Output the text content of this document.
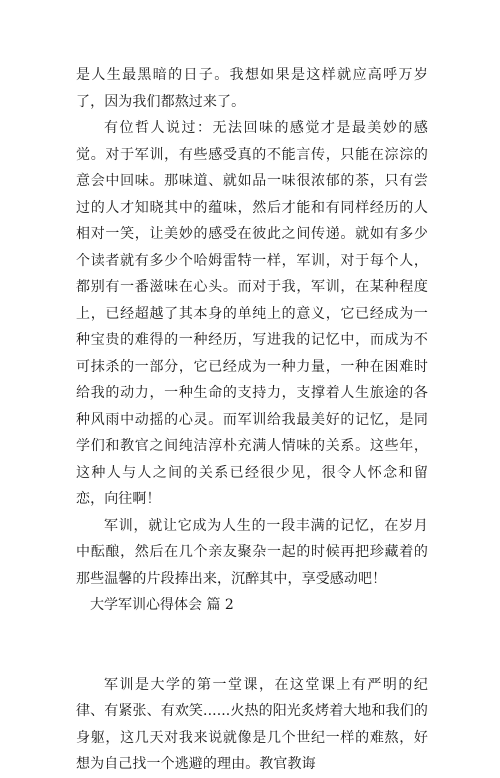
是人生最黑暗的日子。我想如果是这样就应高呼万岁了，因为我们都熬过来了。

有位哲人说过：无法回味的感觉才是最美妙的感觉。对于军训，有些感受真的不能言传，只能在淙淙的意会中回味。那味道、就如品一味很浓郁的茶，只有尝过的人才知晓其中的蕴味，然后才能和有同样经历的人相对一笑，让美妙的感受在彼此之间传递。就如有多少个读者就有多少个哈姆雷特一样，军训，对于每个人，都别有一番滋味在心头。而对于我，军训，在某种程度上，已经超越了其本身的单纯上的意义，它已经成为一种宝贵的难得的一种经历，写进我的记忆中，而成为不可抹杀的一部分，它已经成为一种力量，一种在困难时给我的动力，一种生命的支持力，支撑着人生旅途的各种风雨中动摇的心灵。而军训给我最美好的记忆，是同学们和教官之间纯洁淳朴充满人情味的关系。这些年，这种人与人之间的关系已经很少见，很令人怀念和留恋，向往啊！

军训，就让它成为人生的一段丰满的记忆，在岁月中酝酿，然后在几个亲友聚杂一起的时候再把珍藏着的那些温馨的片段捧出来，沉醉其中，享受感动吧！

大学军训心得体会 篇 2

军训是大学的第一堂课，在这堂课上有严明的纪律、有紧张、有欢笑......火热的阳光炙烤着大地和我们的身躯，这几天对我来说就像是几个世纪一样的难熬，好想为自己找一个逃避的理由。教官教诲
